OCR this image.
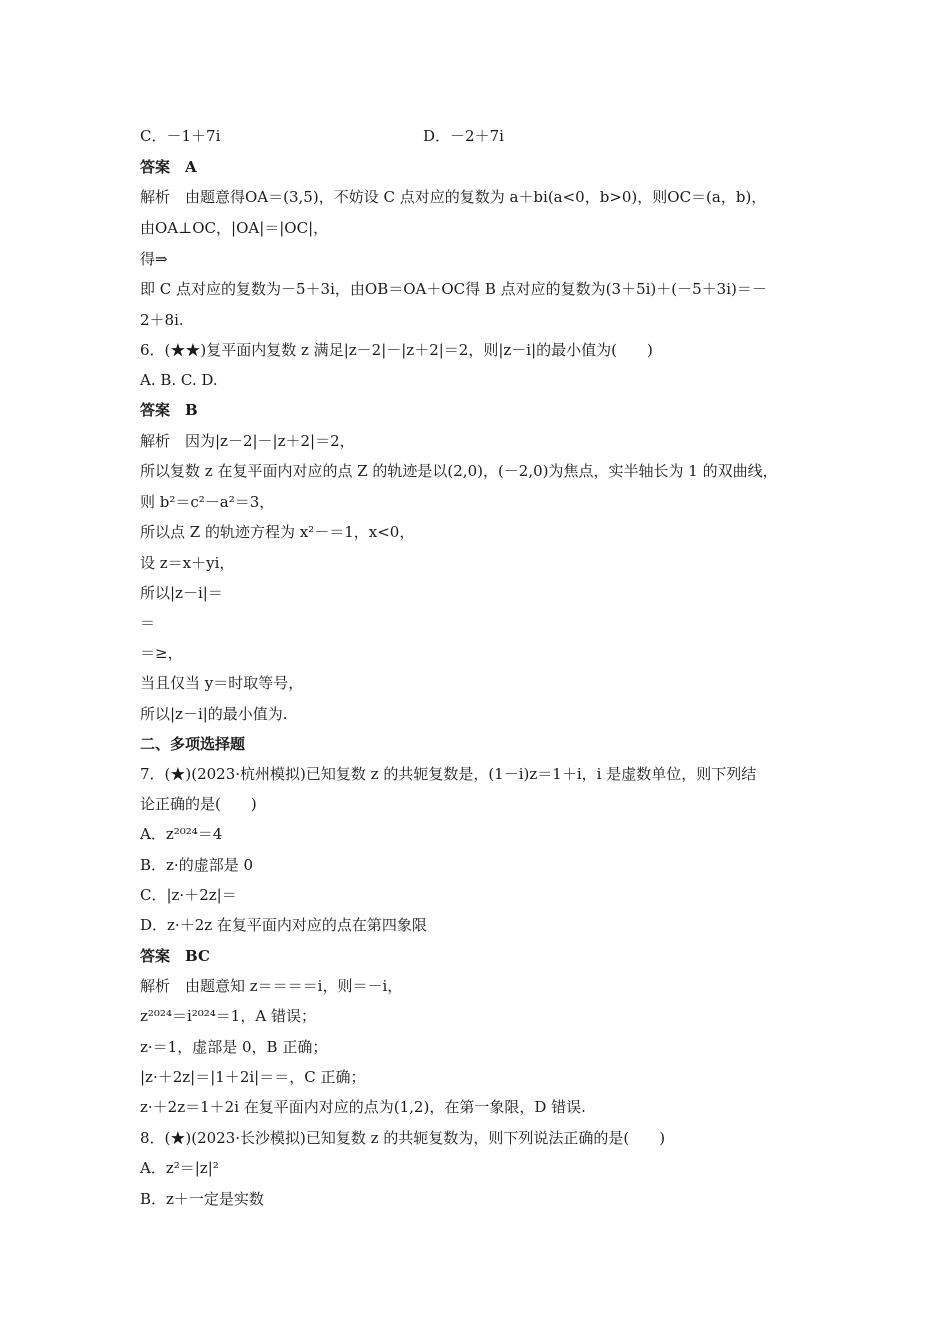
C．－1＋7i	D．－2＋7i
答案　A
解析　由题意得OA＝(3,5)，不妨设 C 点对应的复数为 a＋bi(a<0，b>0)，则OC＝(a，b)，
由OA⊥OC，|OA|＝|OC|，
得⇒
即 C 点对应的复数为－5＋3i，由OB＝OA＋OC得 B 点对应的复数为(3＋5i)＋(－5＋3i)＝－
2＋8i.
6．(★★)复平面内复数 z 满足|z－2|－|z＋2|＝2，则|z－i|的最小值为(　　)
A. B. C. D.
答案　B
解析　因为|z－2|－|z＋2|＝2，
所以复数 z 在复平面内对应的点 Z 的轨迹是以(2,0)，(－2,0)为焦点，实半轴长为 1 的双曲线，
则 b²＝c²－a²＝3，
所以点 Z 的轨迹方程为 x²－＝1，x<0，
设 z＝x＋yi，
所以|z－i|＝
＝
＝≥，
当且仅当 y＝时取等号，
所以|z－i|的最小值为.
二、多项选择题
7．(★)(2023·杭州模拟)已知复数 z 的共轭复数是，(1－i)z＝1＋i，i 是虚数单位，则下列结
论正确的是(　　)
A．z²⁰²⁴＝4
B．z·的虚部是 0
C．|z·＋2z|＝
D．z·＋2z 在复平面内对应的点在第四象限
答案　BC
解析　由题意知 z＝＝＝＝i，则＝－i，
z²⁰²⁴＝i²⁰²⁴＝1，A 错误；
z·＝1，虚部是 0，B 正确；
|z·＋2z|＝|1＋2i|＝＝，C 正确；
z·＋2z＝1＋2i 在复平面内对应的点为(1,2)，在第一象限，D 错误.
8．(★)(2023·长沙模拟)已知复数 z 的共轭复数为，则下列说法正确的是(　　)
A．z²＝|z|²
B．z＋一定是实数
